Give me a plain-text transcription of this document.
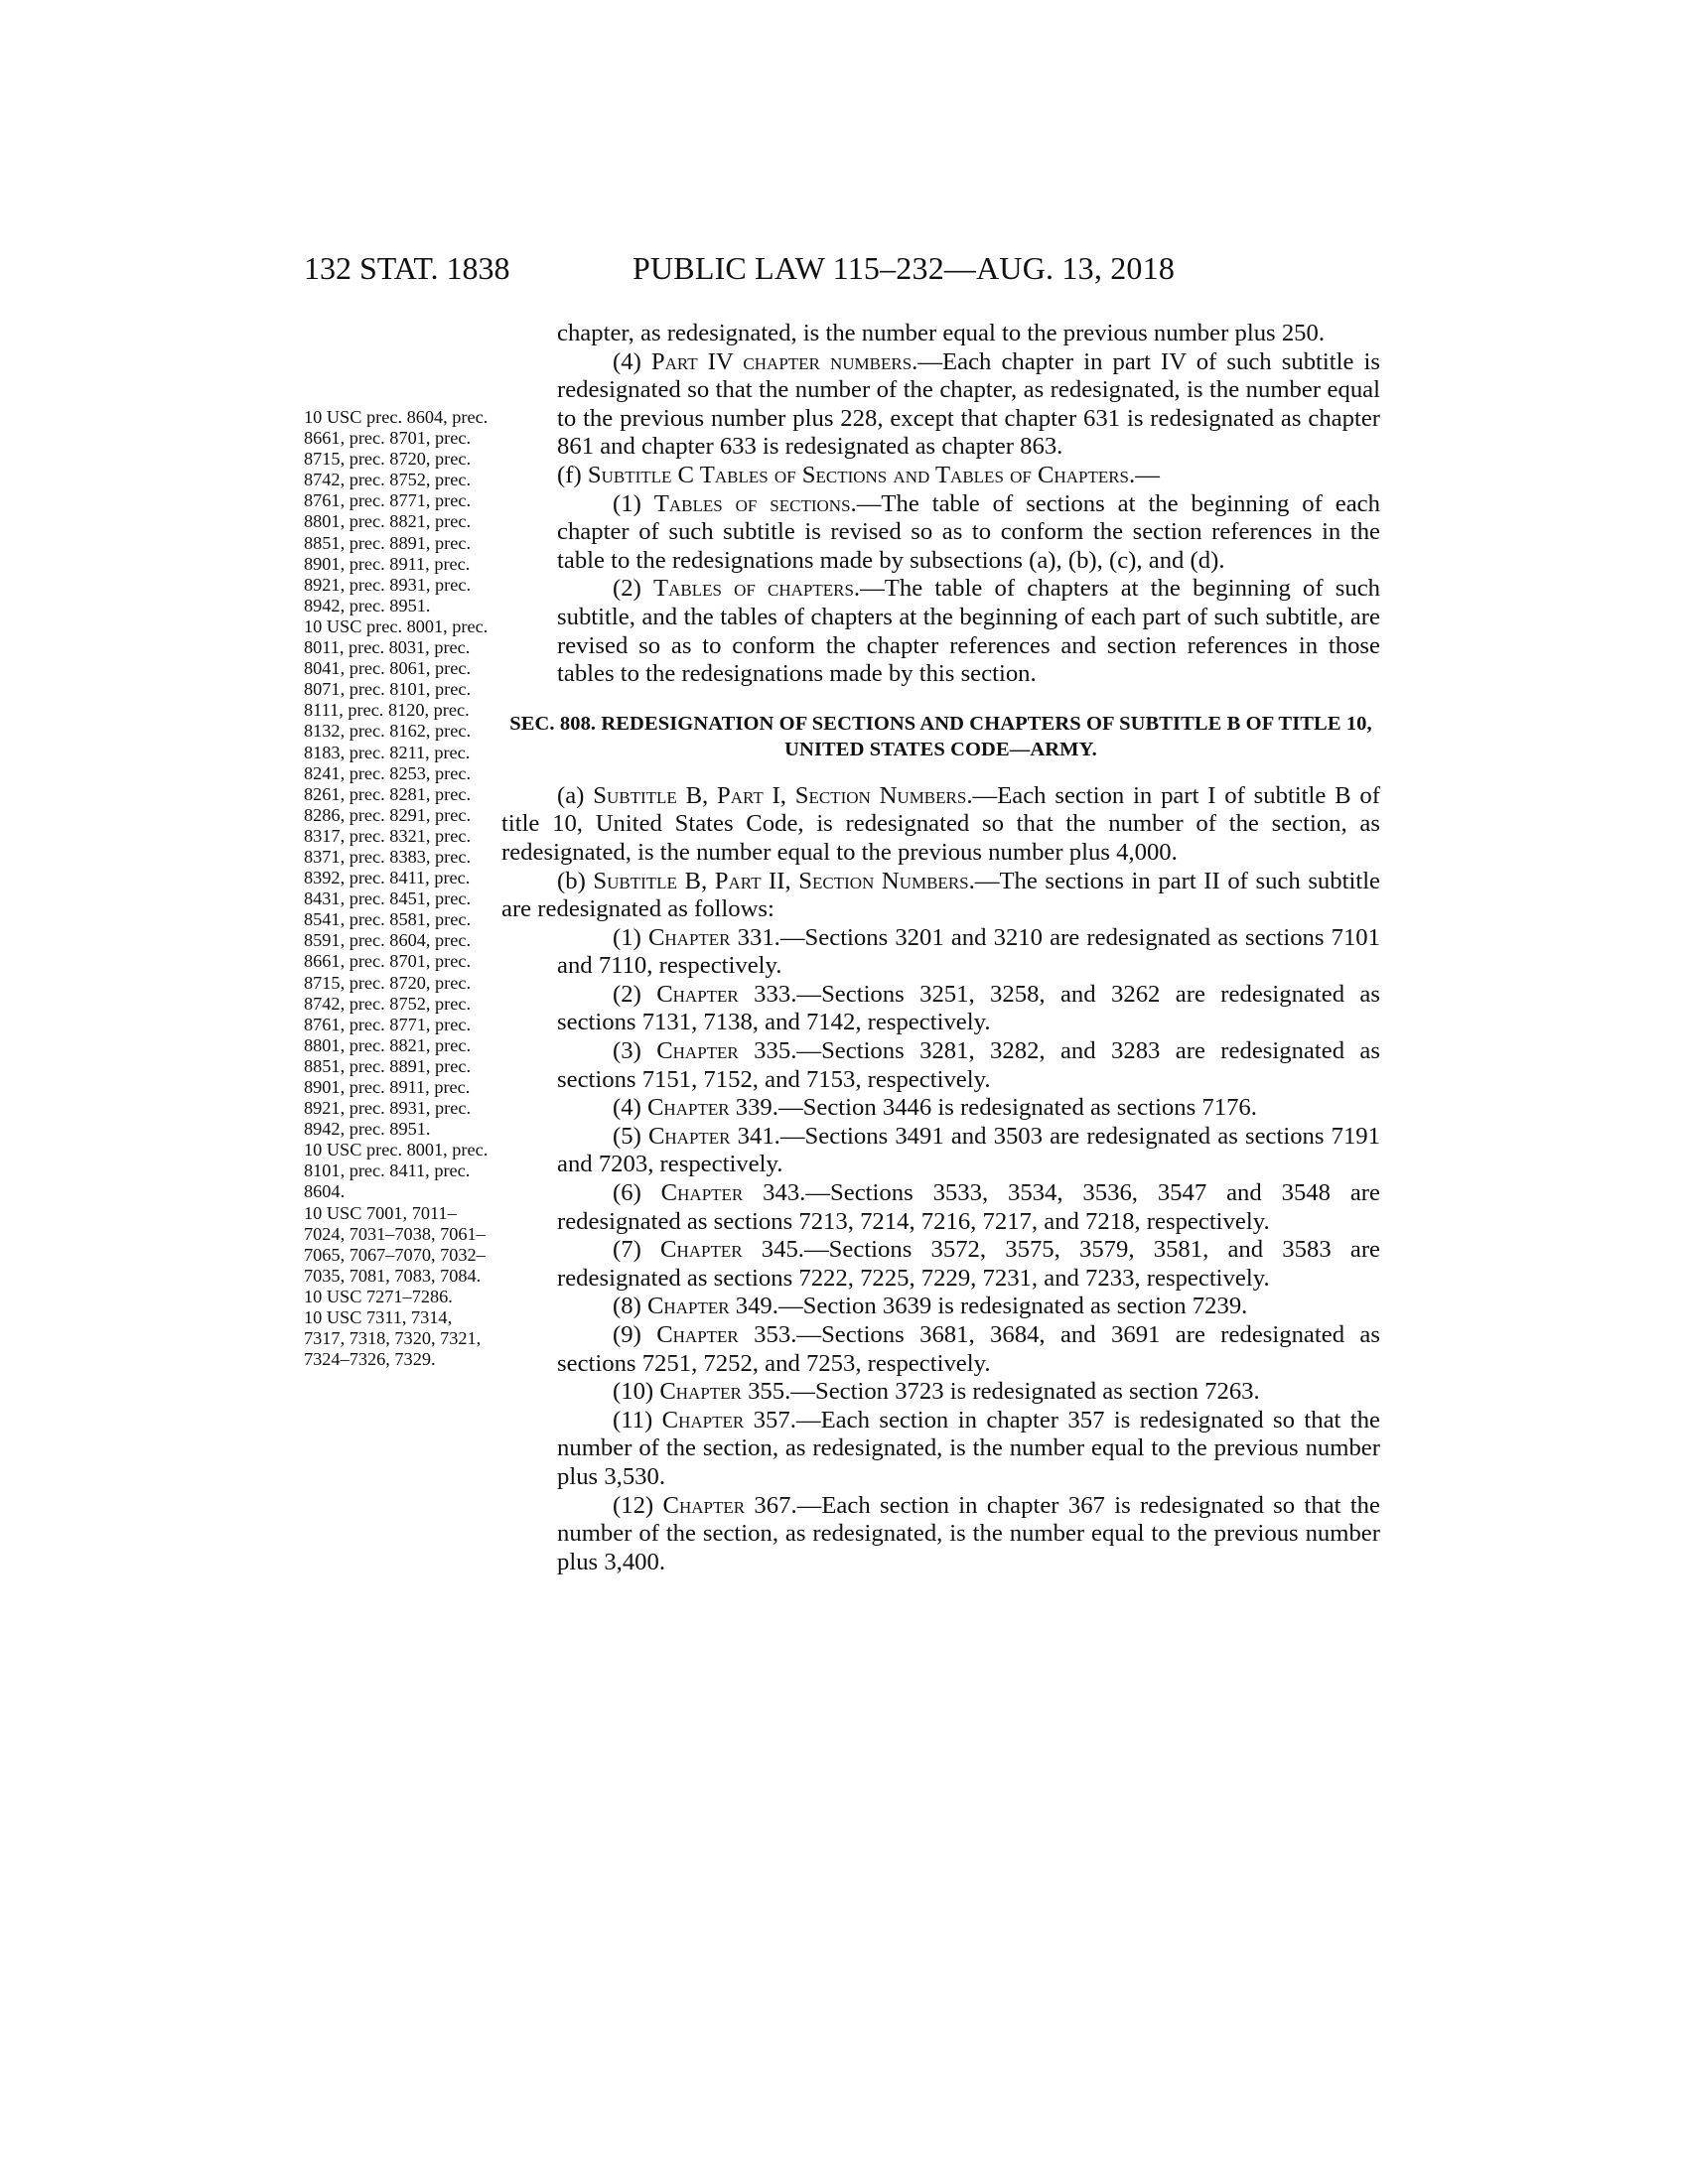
132 STAT. 1838	PUBLIC LAW 115–232—AUG. 13, 2018

10 USC prec. 8604, prec. 8661, prec. 8701, prec. 8715, prec. 8720, prec. 8742, prec. 8752, prec. 8761, prec. 8771, prec. 8801, prec. 8821, prec. 8851, prec. 8891, prec. 8901, prec. 8911, prec. 8921, prec. 8931, prec. 8942, prec. 8951.

10 USC prec. 8001, prec. 8011, prec. 8031, prec. 8041, prec. 8061, prec. 8071, prec. 8101, prec. 8111, prec. 8120, prec. 8132, prec. 8162, prec. 8183, prec. 8211, prec. 8241, prec. 8253, prec. 8261, prec. 8281, prec. 8286, prec. 8291, prec. 8317, prec. 8321, prec. 8371, prec. 8383, prec. 8392, prec. 8411, prec. 8431, prec. 8451, prec. 8541, prec. 8581, prec. 8591, prec. 8604, prec. 8661, prec. 8701, prec. 8715, prec. 8720, prec. 8742, prec. 8752, prec. 8761, prec. 8771, prec. 8801, prec. 8821, prec. 8851, prec. 8891, prec. 8901, prec. 8911, prec. 8921, prec. 8931, prec. 8942, prec. 8951.

10 USC prec. 8001, prec. 8101, prec. 8411, prec. 8604.

10 USC 7001, 7011–7024, 7031–7038, 7061–7065, 7067–7070, 7032–7035, 7081, 7083, 7084.

10 USC 7271–7286.

10 USC 7311, 7314, 7317, 7318, 7320, 7321, 7324–7326, 7329.

chapter, as redesignated, is the number equal to the previous number plus 250.

(4) Part IV chapter numbers.—Each chapter in part IV of such subtitle is redesignated so that the number of the chapter, as redesignated, is the number equal to the previous number plus 228, except that chapter 631 is redesignated as chapter 861 and chapter 633 is redesignated as chapter 863.

(f) Subtitle C Tables of Sections and Tables of Chapters.—

(1) Tables of sections.—The table of sections at the beginning of each chapter of such subtitle is revised so as to conform the section references in the table to the redesignations made by subsections (a), (b), (c), and (d).

(2) Tables of chapters.—The table of chapters at the beginning of such subtitle, and the tables of chapters at the beginning of each part of such subtitle, are revised so as to conform the chapter references and section references in those tables to the redesignations made by this section.

SEC. 808. REDESIGNATION OF SECTIONS AND CHAPTERS OF SUBTITLE B OF TITLE 10, UNITED STATES CODE—ARMY.

(a) Subtitle B, Part I, Section Numbers.—Each section in part I of subtitle B of title 10, United States Code, is redesignated so that the number of the section, as redesignated, is the number equal to the previous number plus 4,000.

(b) Subtitle B, Part II, Section Numbers.—The sections in part II of such subtitle are redesignated as follows:

(1) Chapter 331.—Sections 3201 and 3210 are redesignated as sections 7101 and 7110, respectively.

(2) Chapter 333.—Sections 3251, 3258, and 3262 are redesignated as sections 7131, 7138, and 7142, respectively.

(3) Chapter 335.—Sections 3281, 3282, and 3283 are redesignated as sections 7151, 7152, and 7153, respectively.

(4) Chapter 339.—Section 3446 is redesignated as sections 7176.

(5) Chapter 341.—Sections 3491 and 3503 are redesignated as sections 7191 and 7203, respectively.

(6) Chapter 343.—Sections 3533, 3534, 3536, 3547 and 3548 are redesignated as sections 7213, 7214, 7216, 7217, and 7218, respectively.

(7) Chapter 345.—Sections 3572, 3575, 3579, 3581, and 3583 are redesignated as sections 7222, 7225, 7229, 7231, and 7233, respectively.

(8) Chapter 349.—Section 3639 is redesignated as section 7239.

(9) Chapter 353.—Sections 3681, 3684, and 3691 are redesignated as sections 7251, 7252, and 7253, respectively.

(10) Chapter 355.—Section 3723 is redesignated as section 7263.

(11) Chapter 357.—Each section in chapter 357 is redesignated so that the number of the section, as redesignated, is the number equal to the previous number plus 3,530.

(12) Chapter 367.—Each section in chapter 367 is redesignated so that the number of the section, as redesignated, is the number equal to the previous number plus 3,400.
